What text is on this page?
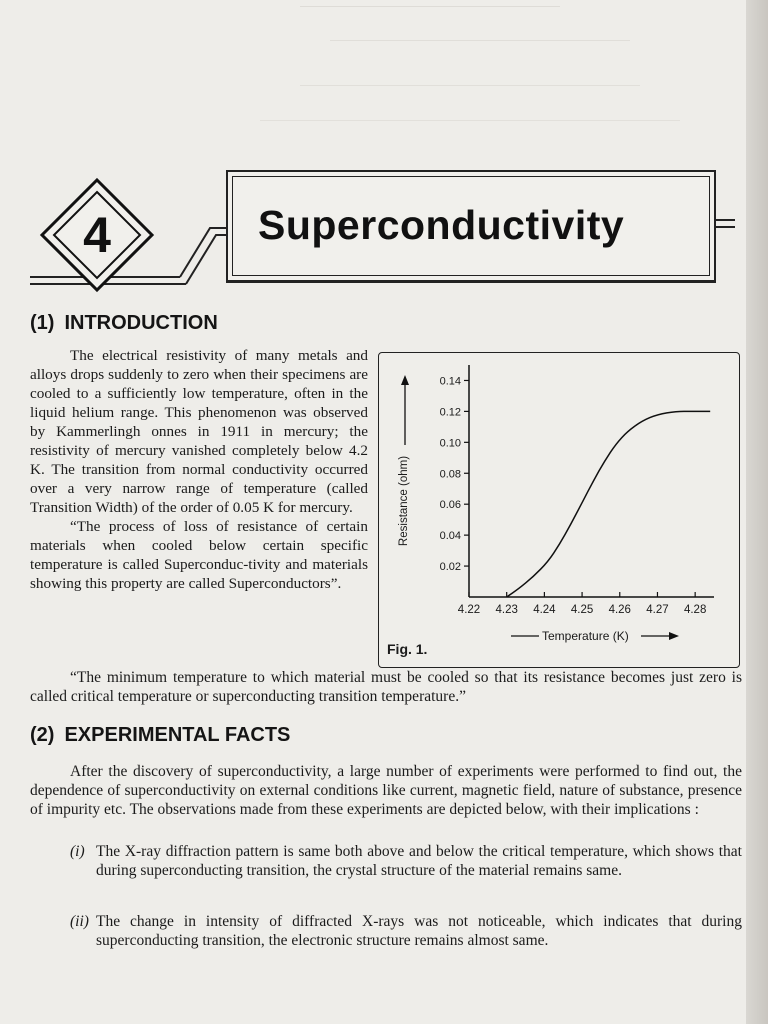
4	Superconductivity
(1) INTRODUCTION

The electrical resistivity of many metals and alloys drops suddenly to zero when their specimens are cooled to a sufficiently low temperature, often in the liquid helium range. This phenomenon was observed by Kammerlingh onnes in 1911 in mercury; the resistivity of mercury vanished completely below 4.2 K. The transition from normal conductivity occurred over a very narrow range of temperature (called Transition Width) of the order of 0.05 K for mercury.

“The process of loss of resistance of certain materials when cooled below certain specific temperature is called Superconduc-tivity and materials showing this property are called Superconductors”.

0.02
0.04
0.06
0.08
0.10
0.12
0.14
4.22 4.23 4.24 4.25 4.26 4.27 4.28
Resistance (ohm)
Temperature (K)
Fig. 1.

“The minimum temperature to which material must be cooled so that its resistance becomes just zero is called critical temperature or superconducting transition temperature.”

(2) EXPERIMENTAL FACTS

After the discovery of superconductivity, a large number of experiments were performed to find out, the dependence of superconductivity on external conditions like current, magnetic field, nature of substance, presence of impurity etc. The observations made from these experiments are depicted below, with their implications :

(i) The X-ray diffraction pattern is same both above and below the critical temperature, which shows that during superconducting transition, the crystal structure of the material remains same.
(ii) The change in intensity of diffracted X-rays was not noticeable, which indicates that during superconducting transition, the electronic structure remains almost same.
